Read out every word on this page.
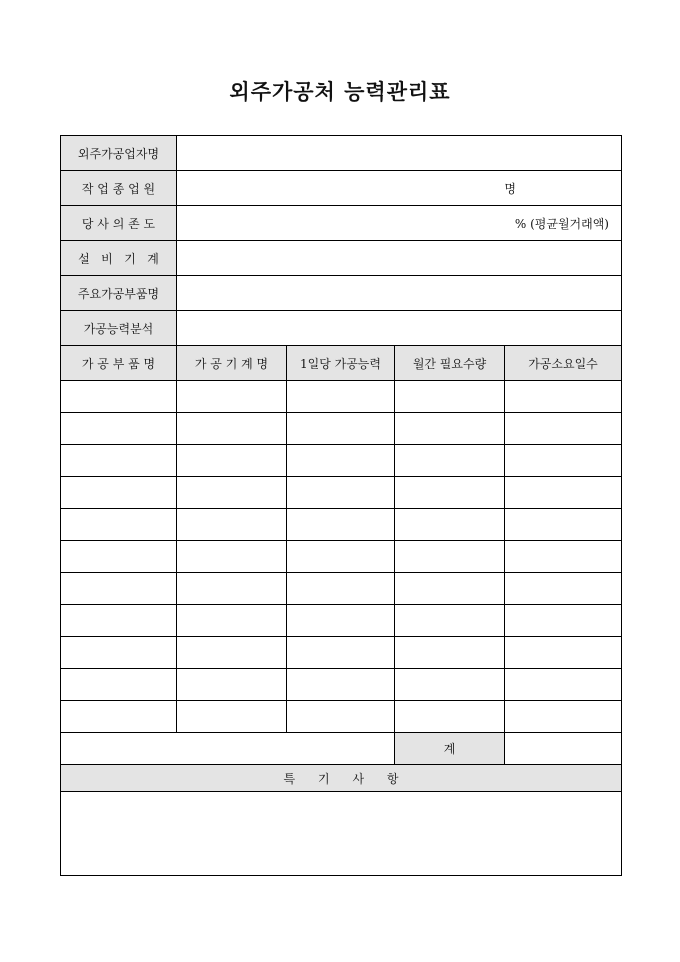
외주가공처 능력관리표
외주가공업자명				
작 업 종 업 원	명			
당 사 의 존 도	% (평균월거래액)			
설   비   기   계				
주요가공부품명				
가공능력분석				
가 공 부 품 명	가 공 기 계 명	1일당 가공능력	월간 필요수량	가공소요일수

			계	
특      기      사      항				
